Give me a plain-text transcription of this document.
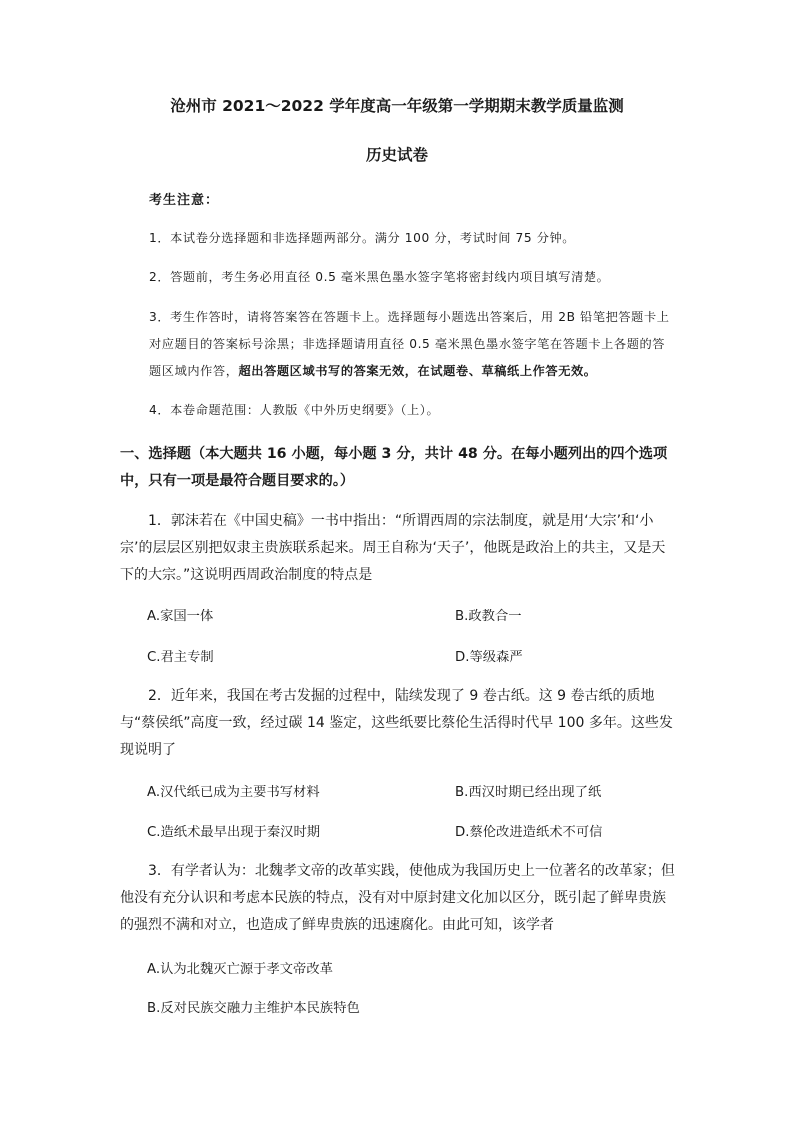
沧州市 2021～2022 学年度高一年级第一学期期末教学质量监测
历史试卷
考生注意：
1．本试卷分选择题和非选择题两部分。满分 100 分，考试时间 75 分钟。
2．答题前，考生务必用直径 0.5 毫米黑色墨水签字笔将密封线内项目填写清楚。
3．考生作答时，请将答案答在答题卡上。选择题每小题选出答案后，用 2B 铅笔把答题卡上对应题目的答案标号涂黑；非选择题请用直径 0.5 毫米黑色墨水签字笔在答题卡上各题的答题区域内作答，超出答题区域书写的答案无效，在试题卷、草稿纸上作答无效。
4．本卷命题范围：人教版《中外历史纲要》（上）。
一、选择题（本大题共 16 小题，每小题 3 分，共计 48 分。在每小题列出的四个选项中，只有一项是最符合题目要求的。）
1．郭沫若在《中国史稿》一书中指出：“所谓西周的宗法制度，就是用‘大宗’和‘小宗’的层层区别把奴隶主贵族联系起来。周王自称为‘天子’，他既是政治上的共主，又是天下的大宗。”这说明西周政治制度的特点是
A.家国一体	B.政教合一
C.君主专制	D.等级森严
2．近年来，我国在考古发掘的过程中，陆续发现了 9 卷古纸。这 9 卷古纸的质地与“蔡侯纸”高度一致，经过碳 14 鉴定，这些纸要比蔡伦生活得时代早 100 多年。这些发现说明了
A.汉代纸已成为主要书写材料	B.西汉时期已经出现了纸
C.造纸术最早出现于秦汉时期	D.蔡伦改进造纸术不可信
3．有学者认为：北魏孝文帝的改革实践，使他成为我国历史上一位著名的改革家；但他没有充分认识和考虑本民族的特点，没有对中原封建文化加以区分，既引起了鲜卑贵族的强烈不满和对立，也造成了鲜卑贵族的迅速腐化。由此可知，该学者
A.认为北魏灭亡源于孝文帝改革
B.反对民族交融力主维护本民族特色
